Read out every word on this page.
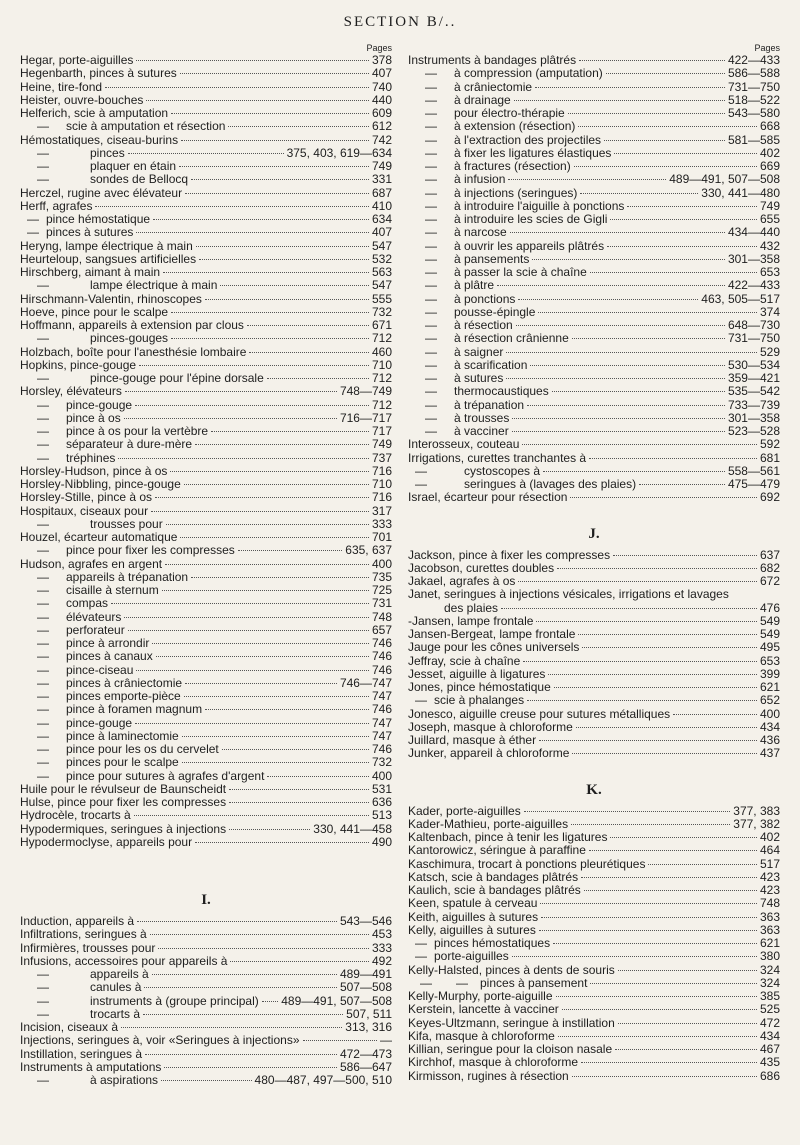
SECTION B/..
Pages
Hegar, porte-aiguilles	378
Hegenbarth, pinces à sutures	407
Heine, tire-fond	740
Heister, ouvre-bouches	440
Helferich, scie à amputation	609
—	scie à amputation et résection	612
Hémostatiques, ciseau-burins	742
—	pinces	375, 403, 619—634
—	plaquer en étain	749
—	sondes de Bellocq	331
Herczel, rugine avec élévateur	687
Herff, agrafes	410
— pince hémostatique	634
— pinces à sutures	407
Heryng, lampe électrique à main	547
Heurteloup, sangsues artificielles	532
Hirschberg, aimant à main	563
—	lampe électrique à main	547
Hirschmann-Valentin, rhinoscopes	555
Hoeve, pince pour le scalpe	732
Hoffmann, appareils à extension par clous	671
—	pinces-gouges	712
Holzbach, boîte pour l'anesthésie lombaire	460
Hopkins, pince-gouge	710
—	pince-gouge pour l'épine dorsale	712
Horsley, élévateurs	748—749
—	pince-gouge	712
—	pince à os	716—717
—	pince à os pour la vertèbre	717
—	séparateur à dure-mère	749
—	tréphines	737
Horsley-Hudson, pince à os	716
Horsley-Nibbling, pince-gouge	710
Horsley-Stille, pince à os	716
Hospitaux, ciseaux pour	317
—	trousses pour	333
Houzel, écarteur automatique	701
—	pince pour fixer les compresses	635, 637
Hudson, agrafes en argent	400
—	appareils à trépanation	735
—	cisaille à sternum	725
—	compas	731
—	élévateurs	748
—	perforateur	657
—	pince à arrondir	746
—	pinces à canaux	746
—	pince-ciseau	746
—	pinces à crâniectomie	746—747
—	pinces emporte-pièce	747
—	pince à foramen magnum	746
—	pince-gouge	747
—	pince à laminectomie	747
—	pince pour les os du cervelet	746
—	pinces pour le scalpe	732
—	pince pour sutures à agrafes d'argent	400
Huile pour le révulseur de Baunscheidt	531
Hulse, pince pour fixer les compresses	636
Hydrocèle, trocarts à	513
Hypodermiques, seringues à injections	330, 441—458
Hypodermoclyse, appareils pour	490
I.
Induction, appareils à	543—546
Infiltrations, seringues à	453
Infirmières, trousses pour	333
Infusions, accessoires pour appareils à	492
—	appareils à	489—491
—	canules à	507—508
—	instruments à (groupe principal) 489—491, 507—508
—	trocarts à	507, 511
Incision, ciseaux à	313, 316
Injections, seringues à, voir «Seringues à injections»	—
Instillation, seringues à	472—473
Instruments à amputations	586—647
—	à aspirations	480—487, 497—500, 510
Pages
Instruments à bandages plâtrés	422—433
—	à compression (amputation)	586—588
—	à crâniectomie	731—750
—	à drainage	518—522
—	pour électro-thérapie	543—580
—	à extension (résection)	668
—	à l'extraction des projectiles	581—585
—	à fixer les ligatures élastiques	402
—	à fractures (résection)	669
—	à infusion	489—491, 507—508
—	à injections (seringues)	330, 441—480
—	à introduire l'aiguille à ponctions	749
—	à introduire les scies de Gigli	655
—	à narcose	434—440
—	à ouvrir les appareils plâtrés	432
—	à pansements	301—358
—	à passer la scie à chaîne	653
—	à plâtre	422—433
—	à ponctions	463, 505—517
—	pousse-épingle	374
—	à résection	648—730
—	à résection crânienne	731—750
—	à saigner	529
—	à scarification	530—534
—	à sutures	359—421
—	thermocaustiques	535—542
—	à trépanation	733—739
—	à trousses	301—358
—	à vacciner	523—528
Interosseux, couteau	592
Irrigations, curettes tranchantes à	681
—	cystoscopes à	558—561
—	seringues à (lavages des plaies)	475—479
Israel, écarteur pour résection	692
J.
Jackson, pince à fixer les compresses	637
Jacobson, curettes doubles	682
Jakael, agrafes à os	672
Janet, seringues à injections vésicales, irrigations et lavages
des plaies	476
-Jansen, lampe frontale	549
Jansen-Bergeat, lampe frontale	549
Jauge pour les cônes universels	495
Jeffray, scie à chaîne	653
Jesset, aiguille à ligatures	399
Jones, pince hémostatique	621
— scie à phalanges	652
Jonesco, aiguille creuse pour sutures métalliques	400
Joseph, masque à chloroforme	434
Juillard, masque à éther	436
Junker, appareil à chloroforme	437
K.
Kader, porte-aiguilles	377, 383
Kader-Mathieu, porte-aiguilles	377, 382
Kaltenbach, pince à tenir les ligatures	402
Kantorowicz, séringue à paraffine	464
Kaschimura, trocart à ponctions pleurétiques	517
Katsch, scie à bandages plâtrés	423
Kaulich, scie à bandages plâtrés	423
Keen, spatule à cerveau	748
Keith, aiguilles à sutures	363
Kelly, aiguilles à sutures	363
— pinces hémostatiques	621
— porte-aiguilles	380
Kelly-Halsted, pinces à dents de souris	324
— —	pinces à pansement	324
Kelly-Murphy, porte-aiguille	385
Kerstein, lancette à vacciner	525
Keyes-Ultzmann, seringue à instillation	472
Kifa, masque à chloroforme	434
Killian, seringue pour la cloison nasale	467
Kirchhof, masque à chloroforme	435
Kirmisson, rugines à résection	686
